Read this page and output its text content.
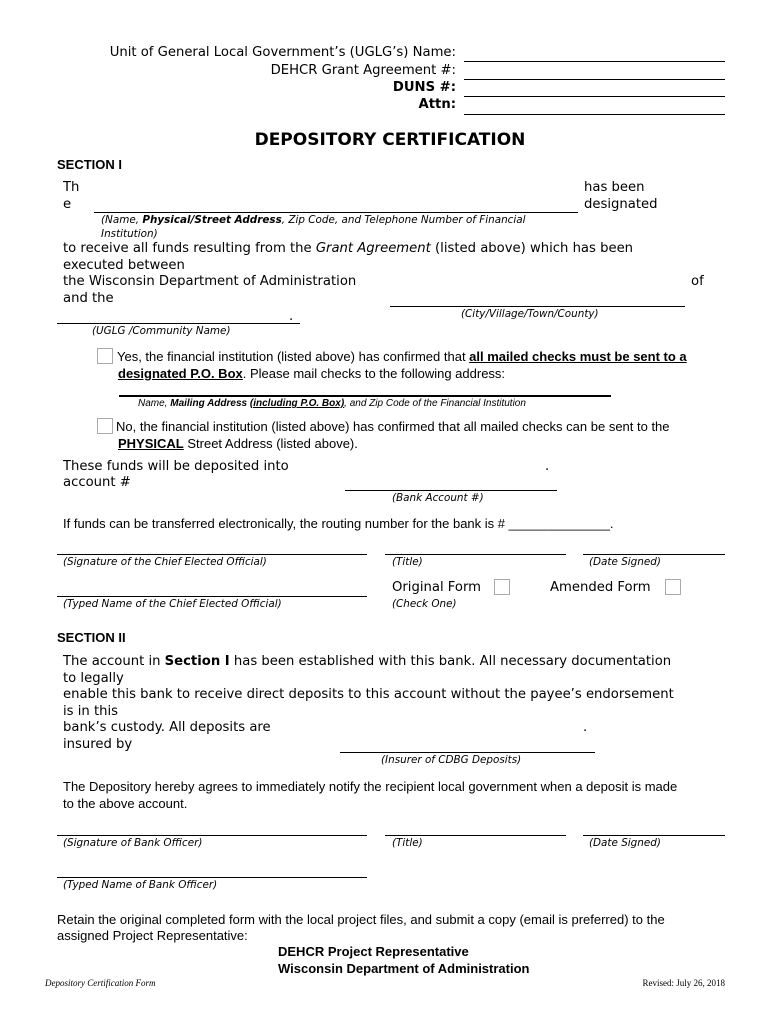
Unit of General Local Government’s (UGLG’s) Name:
DEHCR Grant Agreement #:
DUNS #:
Attn:
DEPOSITORY CERTIFICATION
SECTION I
Th
e
has been
designated
(Name, Physical/Street Address, Zip Code, and Telephone Number of Financial
Institution)
to receive all funds resulting from the Grant Agreement (listed above) which has been
executed between
the Wisconsin Department of Administration	of
and the
(City/Village/Town/County)
.
(UGLG /Community Name)
Yes, the financial institution (listed above) has confirmed that all mailed checks must be sent to a
designated P.O. Box. Please mail checks to the following address:
Name, Mailing Address (including P.O. Box), and Zip Code of the Financial Institution
No, the financial institution (listed above) has confirmed that all mailed checks can be sent to the
PHYSICAL Street Address (listed above).
These funds will be deposited into	.
account #
(Bank Account #)
If funds can be transferred electronically, the routing number for the bank is # ______________.
(Signature of the Chief Elected Official)	(Title)	(Date Signed)
Original Form	Amended Form
(Typed Name of the Chief Elected Official)	(Check One)
SECTION II
The account in Section I has been established with this bank. All necessary documentation
to legally
enable this bank to receive direct deposits to this account without the payee’s endorsement
is in this
bank’s custody. All deposits are	.
insured by
(Insurer of CDBG Deposits)
The Depository hereby agrees to immediately notify the recipient local government when a deposit is made
to the above account.
(Signature of Bank Officer)	(Title)	(Date Signed)
(Typed Name of Bank Officer)
Retain the original completed form with the local project files, and submit a copy (email is preferred) to the
assigned Project Representative:
DEHCR Project Representative
Wisconsin Department of Administration
Depository Certification Form	Revised: July 26, 2018
